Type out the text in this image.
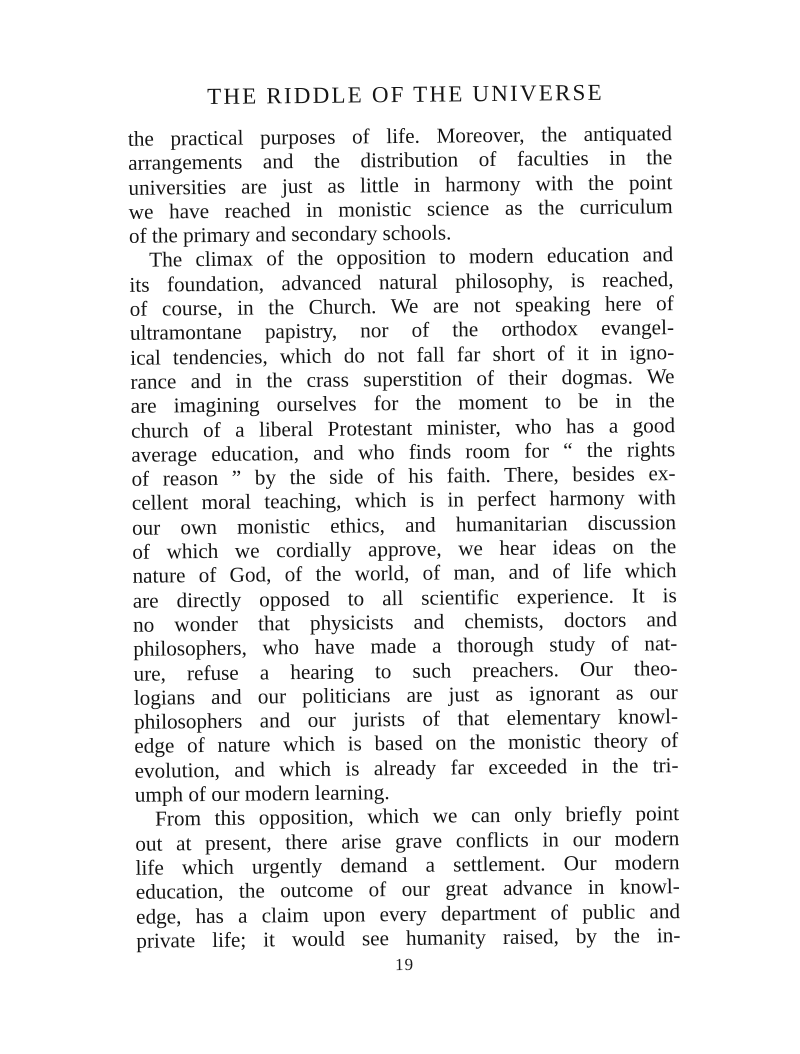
THE RIDDLE OF THE UNIVERSE
the practical purposes of life. Moreover, the antiquated
arrangements and the distribution of faculties in the
universities are just as little in harmony with the point
we have reached in monistic science as the curriculum
of the primary and secondary schools.
The climax of the opposition to modern education and
its foundation, advanced natural philosophy, is reached,
of course, in the Church. We are not speaking here of
ultramontane papistry, nor of the orthodox evangel-
ical tendencies, which do not fall far short of it in igno-
rance and in the crass superstition of their dogmas. We
are imagining ourselves for the moment to be in the
church of a liberal Protestant minister, who has a good
average education, and who finds room for “ the rights
of reason ” by the side of his faith. There, besides ex-
cellent moral teaching, which is in perfect harmony with
our own monistic ethics, and humanitarian discussion
of which we cordially approve, we hear ideas on the
nature of God, of the world, of man, and of life which
are directly opposed to all scientific experience. It is
no wonder that physicists and chemists, doctors and
philosophers, who have made a thorough study of nat-
ure, refuse a hearing to such preachers. Our theo-
logians and our politicians are just as ignorant as our
philosophers and our jurists of that elementary knowl-
edge of nature which is based on the monistic theory of
evolution, and which is already far exceeded in the tri-
umph of our modern learning.
From this opposition, which we can only briefly point
out at present, there arise grave conflicts in our modern
life which urgently demand a settlement. Our modern
education, the outcome of our great advance in knowl-
edge, has a claim upon every department of public and
private life; it would see humanity raised, by the in-
19
